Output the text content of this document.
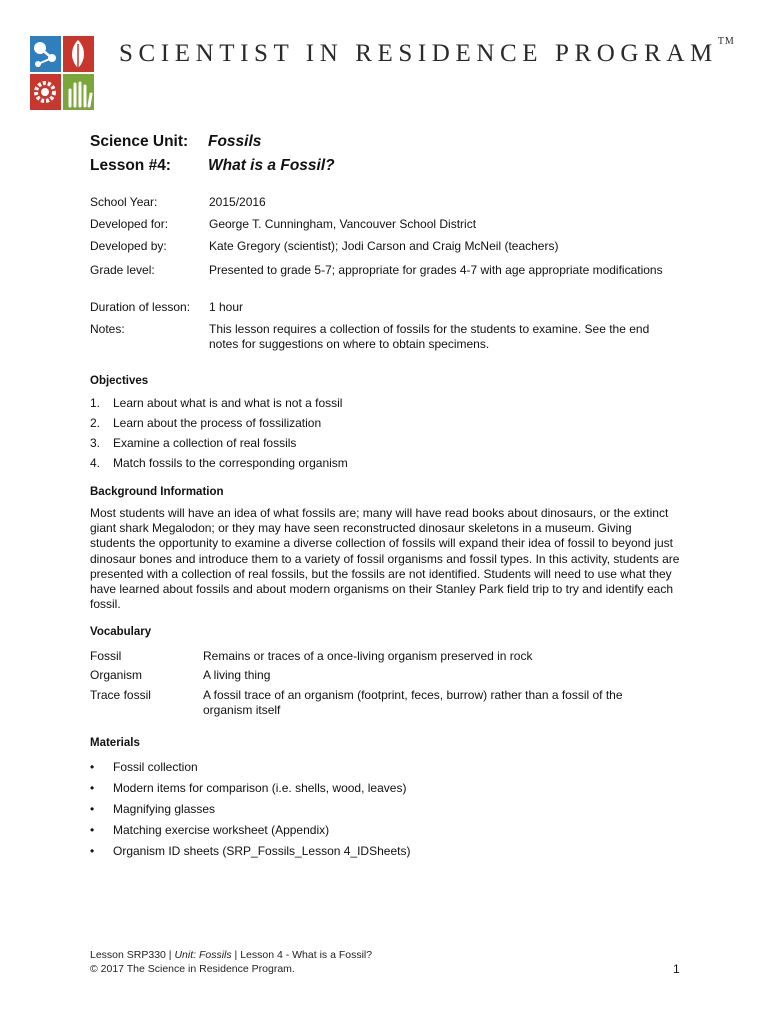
SCIENTIST IN RESIDENCE PROGRAM™
Science Unit: Fossils
Lesson #4: What is a Fossil?
School Year:	2015/2016
Developed for:	George T. Cunningham, Vancouver School District
Developed by:	Kate Gregory (scientist); Jodi Carson and Craig McNeil (teachers)
Grade level:	Presented to grade 5-7; appropriate for grades 4-7 with age appropriate modifications
Duration of lesson:	1 hour
Notes:	This lesson requires a collection of fossils for the students to examine. See the end notes for suggestions on where to obtain specimens.
Objectives
1. Learn about what is and what is not a fossil
2. Learn about the process of fossilization
3. Examine a collection of real fossils
4. Match fossils to the corresponding organism
Background Information
Most students will have an idea of what fossils are; many will have read books about dinosaurs, or the extinct giant shark Megalodon; or they may have seen reconstructed dinosaur skeletons in a museum. Giving students the opportunity to examine a diverse collection of fossils will expand their idea of fossil to beyond just dinosaur bones and introduce them to a variety of fossil organisms and fossil types. In this activity, students are presented with a collection of real fossils, but the fossils are not identified. Students will need to use what they have learned about fossils and about modern organisms on their Stanley Park field trip to try and identify each fossil.
Vocabulary
Fossil	Remains or traces of a once-living organism preserved in rock
Organism	A living thing
Trace fossil	A fossil trace of an organism (footprint, feces, burrow) rather than a fossil of the organism itself
Materials
• Fossil collection
• Modern items for comparison (i.e. shells, wood, leaves)
• Magnifying glasses
• Matching exercise worksheet (Appendix)
• Organism ID sheets (SRP_Fossils_Lesson 4_IDSheets)
Lesson SRP330 | Unit: Fossils | Lesson 4 - What is a Fossil?
© 2017 The Science in Residence Program.	1
